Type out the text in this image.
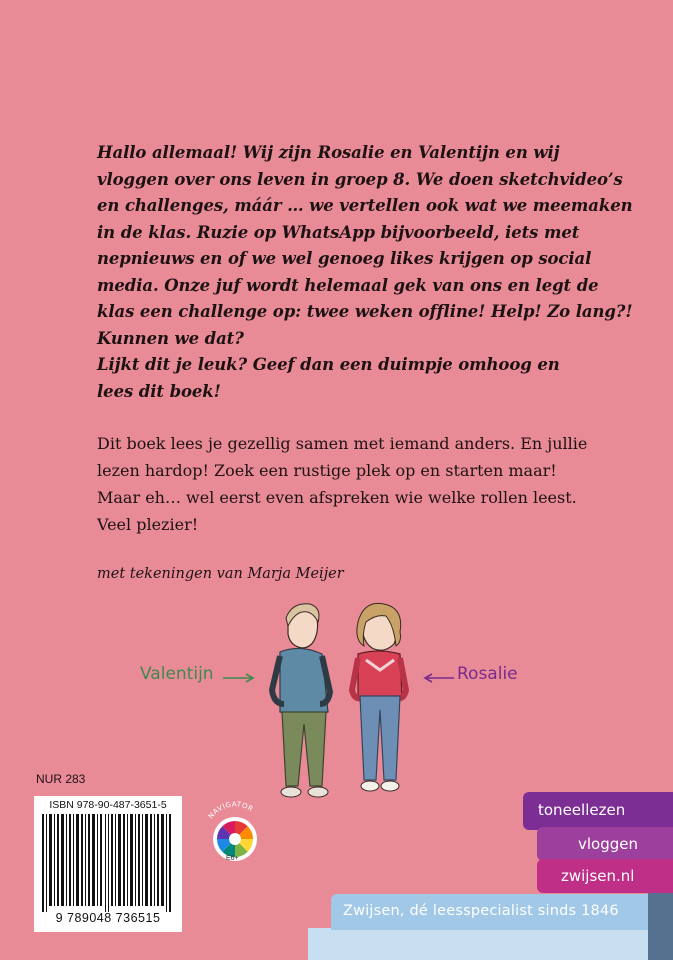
Hallo allemaal! Wij zijn Rosalie en Valentijn en wij
vloggen over ons leven in groep 8. We doen sketchvideo’s
en challenges, máár … we vertellen ook wat we meemaken
in de klas. Ruzie op WhatsApp bijvoorbeeld, iets met
nepnieuws en of we wel genoeg likes krijgen op social
media. Onze juf wordt helemaal gek van ons en legt de
klas een challenge op: twee weken offline! Help! Zo lang?!
Kunnen we dat?
Lijkt dit je leuk? Geef dan een duimpje omhoog en
lees dit boek!

Dit boek lees je gezellig samen met iemand anders. En jullie
lezen hardop! Zoek een rustige plek op en starten maar!
Maar eh… wel eerst even afspreken wie welke rollen leest.
Veel plezier!

met tekeningen van Marja Meijer
Valentijn	Rosalie
NUR 283
ISBN 978-90-487-3651-5
9 789048 736515
NAVIGATOR
E6+
toneellezen
vloggen
zwijsen.nl
Zwijsen, dé leesspecialist sinds 1846
